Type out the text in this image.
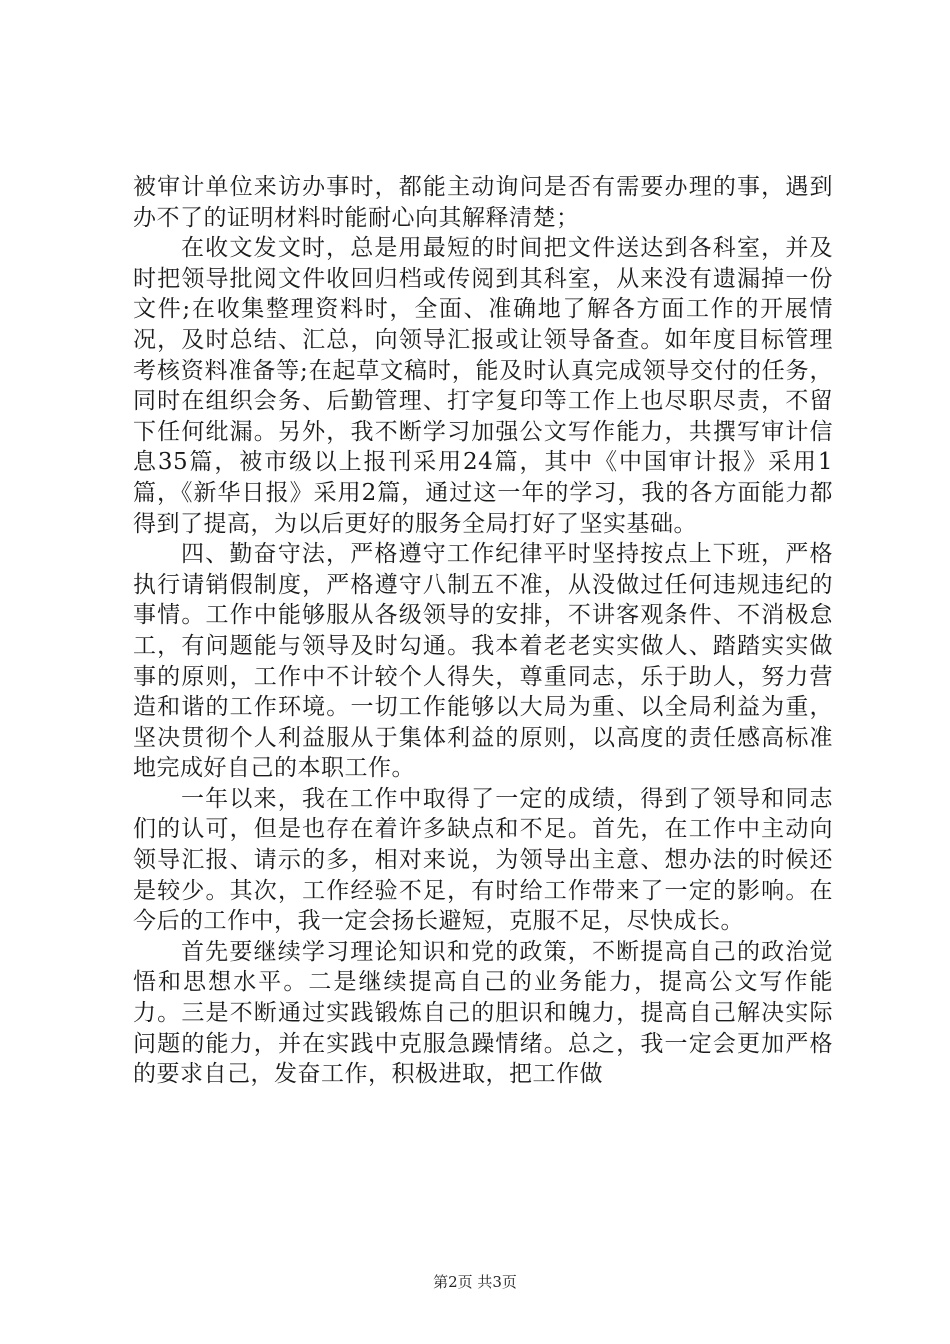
被审计单位来访办事时，都能主动询问是否有需要办理的事，遇到办不了的证明材料时能耐心向其解释清楚；

在收文发文时，总是用最短的时间把文件送达到各科室，并及时把领导批阅文件收回归档或传阅到其科室，从来没有遗漏掉一份文件;在收集整理资料时，全面、准确地了解各方面工作的开展情况，及时总结、汇总，向领导汇报或让领导备查。如年度目标管理考核资料准备等;在起草文稿时，能及时认真完成领导交付的任务，同时在组织会务、后勤管理、打字复印等工作上也尽职尽责，不留下任何纰漏。另外，我不断学习加强公文写作能力，共撰写审计信息35篇，被市级以上报刊采用24篇，其中《中国审计报》采用1篇，《新华日报》采用2篇，通过这一年的学习，我的各方面能力都得到了提高，为以后更好的服务全局打好了坚实基础。

四、勤奋守法，严格遵守工作纪律平时坚持按点上下班，严格执行请销假制度，严格遵守八制五不准，从没做过任何违规违纪的事情。工作中能够服从各级领导的安排，不讲客观条件、不消极怠工，有问题能与领导及时勾通。我本着老老实实做人、踏踏实实做事的原则，工作中不计较个人得失，尊重同志，乐于助人，努力营造和谐的工作环境。一切工作能够以大局为重、以全局利益为重，坚决贯彻个人利益服从于集体利益的原则，以高度的责任感高标准地完成好自己的本职工作。

一年以来，我在工作中取得了一定的成绩，得到了领导和同志们的认可，但是也存在着许多缺点和不足。首先，在工作中主动向领导汇报、请示的多，相对来说，为领导出主意、想办法的时候还是较少。其次，工作经验不足，有时给工作带来了一定的影响。在今后的工作中，我一定会扬长避短，克服不足，尽快成长。

首先要继续学习理论知识和党的政策，不断提高自己的政治觉悟和思想水平。二是继续提高自己的业务能力，提高公文写作能力。三是不断通过实践锻炼自己的胆识和魄力，提高自己解决实际问题的能力，并在实践中克服急躁情绪。总之，我一定会更加严格的要求自己，发奋工作，积极进取，把工作做

第2页 共3页
